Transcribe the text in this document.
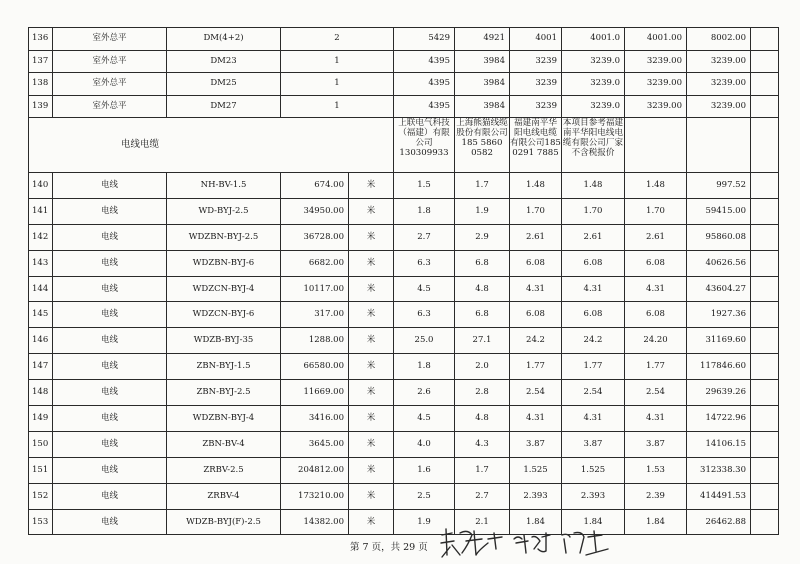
136	室外总平	DM(4+2)	2		5429	4921	4001	4001.0	4001.00	8002.00	
137	室外总平	DM23	1		4395	3984	3239	3239.0	3239.00	3239.00	
138	室外总平	DM25	1		4395	3984	3239	3239.0	3239.00	3239.00	
139	室外总平	DM27	1		4395	3984	3239	3239.0	3239.00	3239.00	
电线电缆					上联电气科技（福建）有限公司130309933	上海熊猫线缆股份有限公司185 5860 0582	福建南平华阳电线电缆有限公司185 0291 7885	本项目参考福建南平华阳电线电缆有限公司厂家不含税报价			
140	电线	NH-BV-1.5	674.00	米	1.5	1.7	1.48	1.48	1.48	997.52	
141	电线	WD-BYJ-2.5	34950.00	米	1.8	1.9	1.70	1.70	1.70	59415.00	
142	电线	WDZBN-BYJ-2.5	36728.00	米	2.7	2.9	2.61	2.61	2.61	95860.08	
143	电线	WDZBN-BYJ-6	6682.00	米	6.3	6.8	6.08	6.08	6.08	40626.56	
144	电线	WDZCN-BYJ-4	10117.00	米	4.5	4.8	4.31	4.31	4.31	43604.27	
145	电线	WDZCN-BYJ-6	317.00	米	6.3	6.8	6.08	6.08	6.08	1927.36	
146	电线	WDZB-BYJ-35	1288.00	米	25.0	27.1	24.2	24.2	24.20	31169.60	
147	电线	ZBN-BYJ-1.5	66580.00	米	1.8	2.0	1.77	1.77	1.77	117846.60	
148	电线	ZBN-BYJ-2.5	11669.00	米	2.6	2.8	2.54	2.54	2.54	29639.26	
149	电线	WDZBN-BYJ-4	3416.00	米	4.5	4.8	4.31	4.31	4.31	14722.96	
150	电线	ZBN-BV-4	3645.00	米	4.0	4.3	3.87	3.87	3.87	14106.15	
151	电线	ZRBV-2.5	204812.00	米	1.6	1.7	1.525	1.525	1.53	312338.30	
152	电线	ZRBV-4	173210.00	米	2.5	2.7	2.393	2.393	2.39	414491.53	
153	电线	WDZB-BYJ(F)-2.5	14382.00	米	1.9	2.1	1.84	1.84	1.84	26462.88	
第 7 页，共 29 页
